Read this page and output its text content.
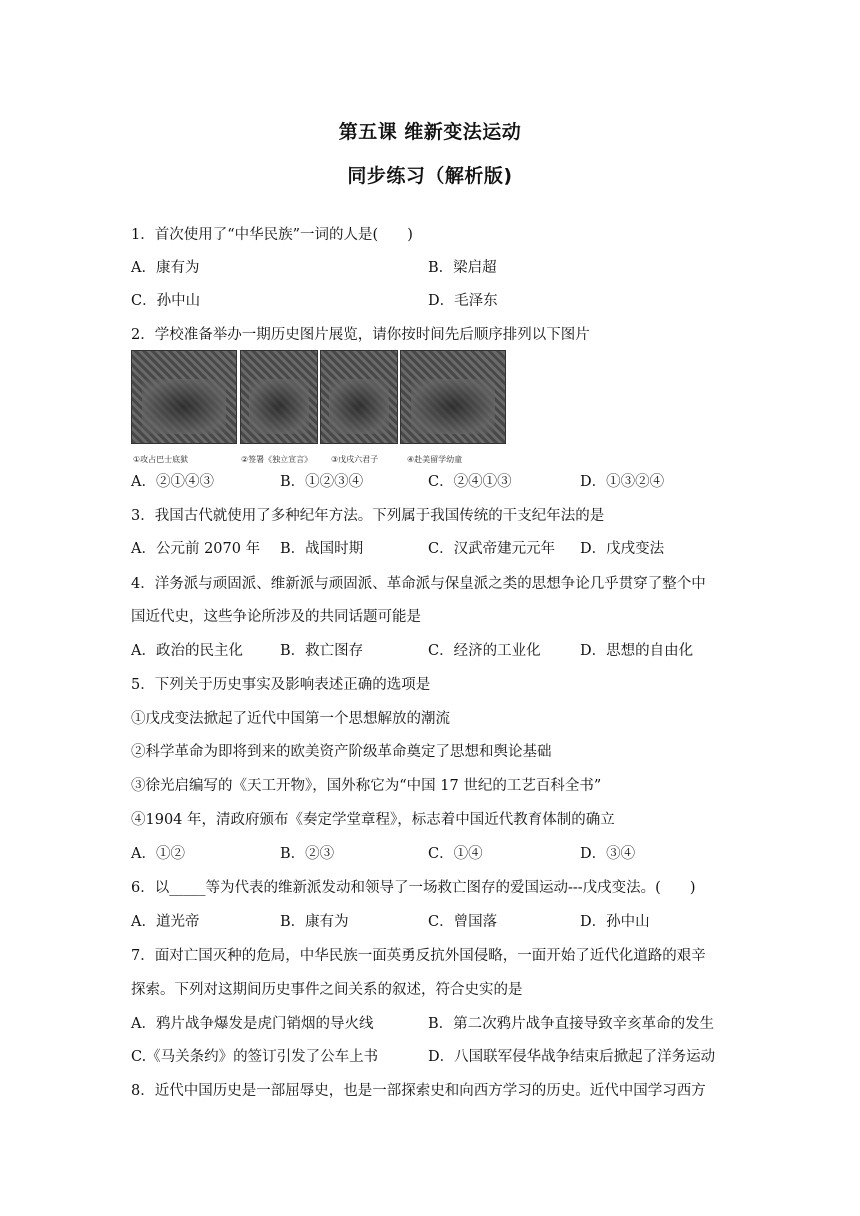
第五课 维新变法运动
同步练习（解析版)
1．首次使用了“中华民族”一词的人是(　　)
A．康有为	B．梁启超
C．孙中山	D．毛泽东
2．学校准备举办一期历史图片展览，请你按时间先后顺序排列以下图片
①攻占巴士底狱	②签署《独立宣言》 ③戊戌六君子	④赴美留学幼童
A．②①④③	B．①②③④	C．②④①③	D．①③②④
3．我国古代就使用了多种纪年方法。下列属于我国传统的干支纪年法的是
A．公元前 2070 年 B．战国时期	C．汉武帝建元元年 D．戊戌变法
4．洋务派与顽固派、维新派与顽固派、革命派与保皇派之类的思想争论几乎贯穿了整个中
国近代史，这些争论所涉及的共同话题可能是
A．政治的民主化	B．救亡图存	C．经济的工业化	D．思想的自由化
5．下列关于历史事实及影响表述正确的选项是
①戊戌变法掀起了近代中国第一个思想解放的潮流
②科学革命为即将到来的欧美资产阶级革命奠定了思想和舆论基础
③徐光启编写的《天工开物》，国外称它为“中国 17 世纪的工艺百科全书”
④1904 年，清政府颁布《奏定学堂章程》，标志着中国近代教育体制的确立
A．①②	B．②③	C．①④	D．③④
6．以_____等为代表的维新派发动和领导了一场救亡图存的爱国运动---戊戌变法。(　　)
A．道光帝	B．康有为	C．曾国落	D．孙中山
7．面对亡国灭种的危局，中华民族一面英勇反抗外国侵略，一面开始了近代化道路的艰辛
探索。下列对这期间历史事件之间关系的叙述，符合史实的是
A．鸦片战争爆发是虎门销烟的导火线	B．第二次鸦片战争直接导致辛亥革命的发生
C.《马关条约》的签订引发了公车上书	D．八国联军侵华战争结束后掀起了洋务运动
8．近代中国历史是一部屈辱史，也是一部探索史和向西方学习的历史。近代中国学习西方
